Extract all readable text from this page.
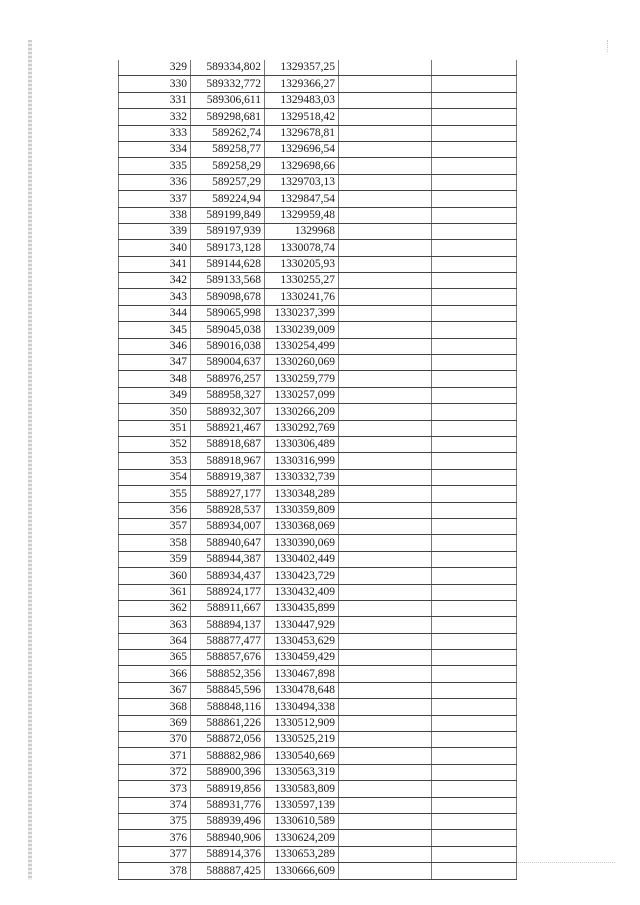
329	589334,802	1329357,25		
330	589332,772	1329366,27		
331	589306,611	1329483,03		
332	589298,681	1329518,42		
333	589262,74	1329678,81		
334	589258,77	1329696,54		
335	589258,29	1329698,66		
336	589257,29	1329703,13		
337	589224,94	1329847,54		
338	589199,849	1329959,48		
339	589197,939	1329968		
340	589173,128	1330078,74		
341	589144,628	1330205,93		
342	589133,568	1330255,27		
343	589098,678	1330241,76		
344	589065,998	1330237,399		
345	589045,038	1330239,009		
346	589016,038	1330254,499		
347	589004,637	1330260,069		
348	588976,257	1330259,779		
349	588958,327	1330257,099		
350	588932,307	1330266,209		
351	588921,467	1330292,769		
352	588918,687	1330306,489		
353	588918,967	1330316,999		
354	588919,387	1330332,739		
355	588927,177	1330348,289		
356	588928,537	1330359,809		
357	588934,007	1330368,069		
358	588940,647	1330390,069		
359	588944,387	1330402,449		
360	588934,437	1330423,729		
361	588924,177	1330432,409		
362	588911,667	1330435,899		
363	588894,137	1330447,929		
364	588877,477	1330453,629		
365	588857,676	1330459,429		
366	588852,356	1330467,898		
367	588845,596	1330478,648		
368	588848,116	1330494,338		
369	588861,226	1330512,909		
370	588872,056	1330525,219		
371	588882,986	1330540,669		
372	588900,396	1330563,319		
373	588919,856	1330583,809		
374	588931,776	1330597,139		
375	588939,496	1330610,589		
376	588940,906	1330624,209		
377	588914,376	1330653,289		
378	588887,425	1330666,609		
